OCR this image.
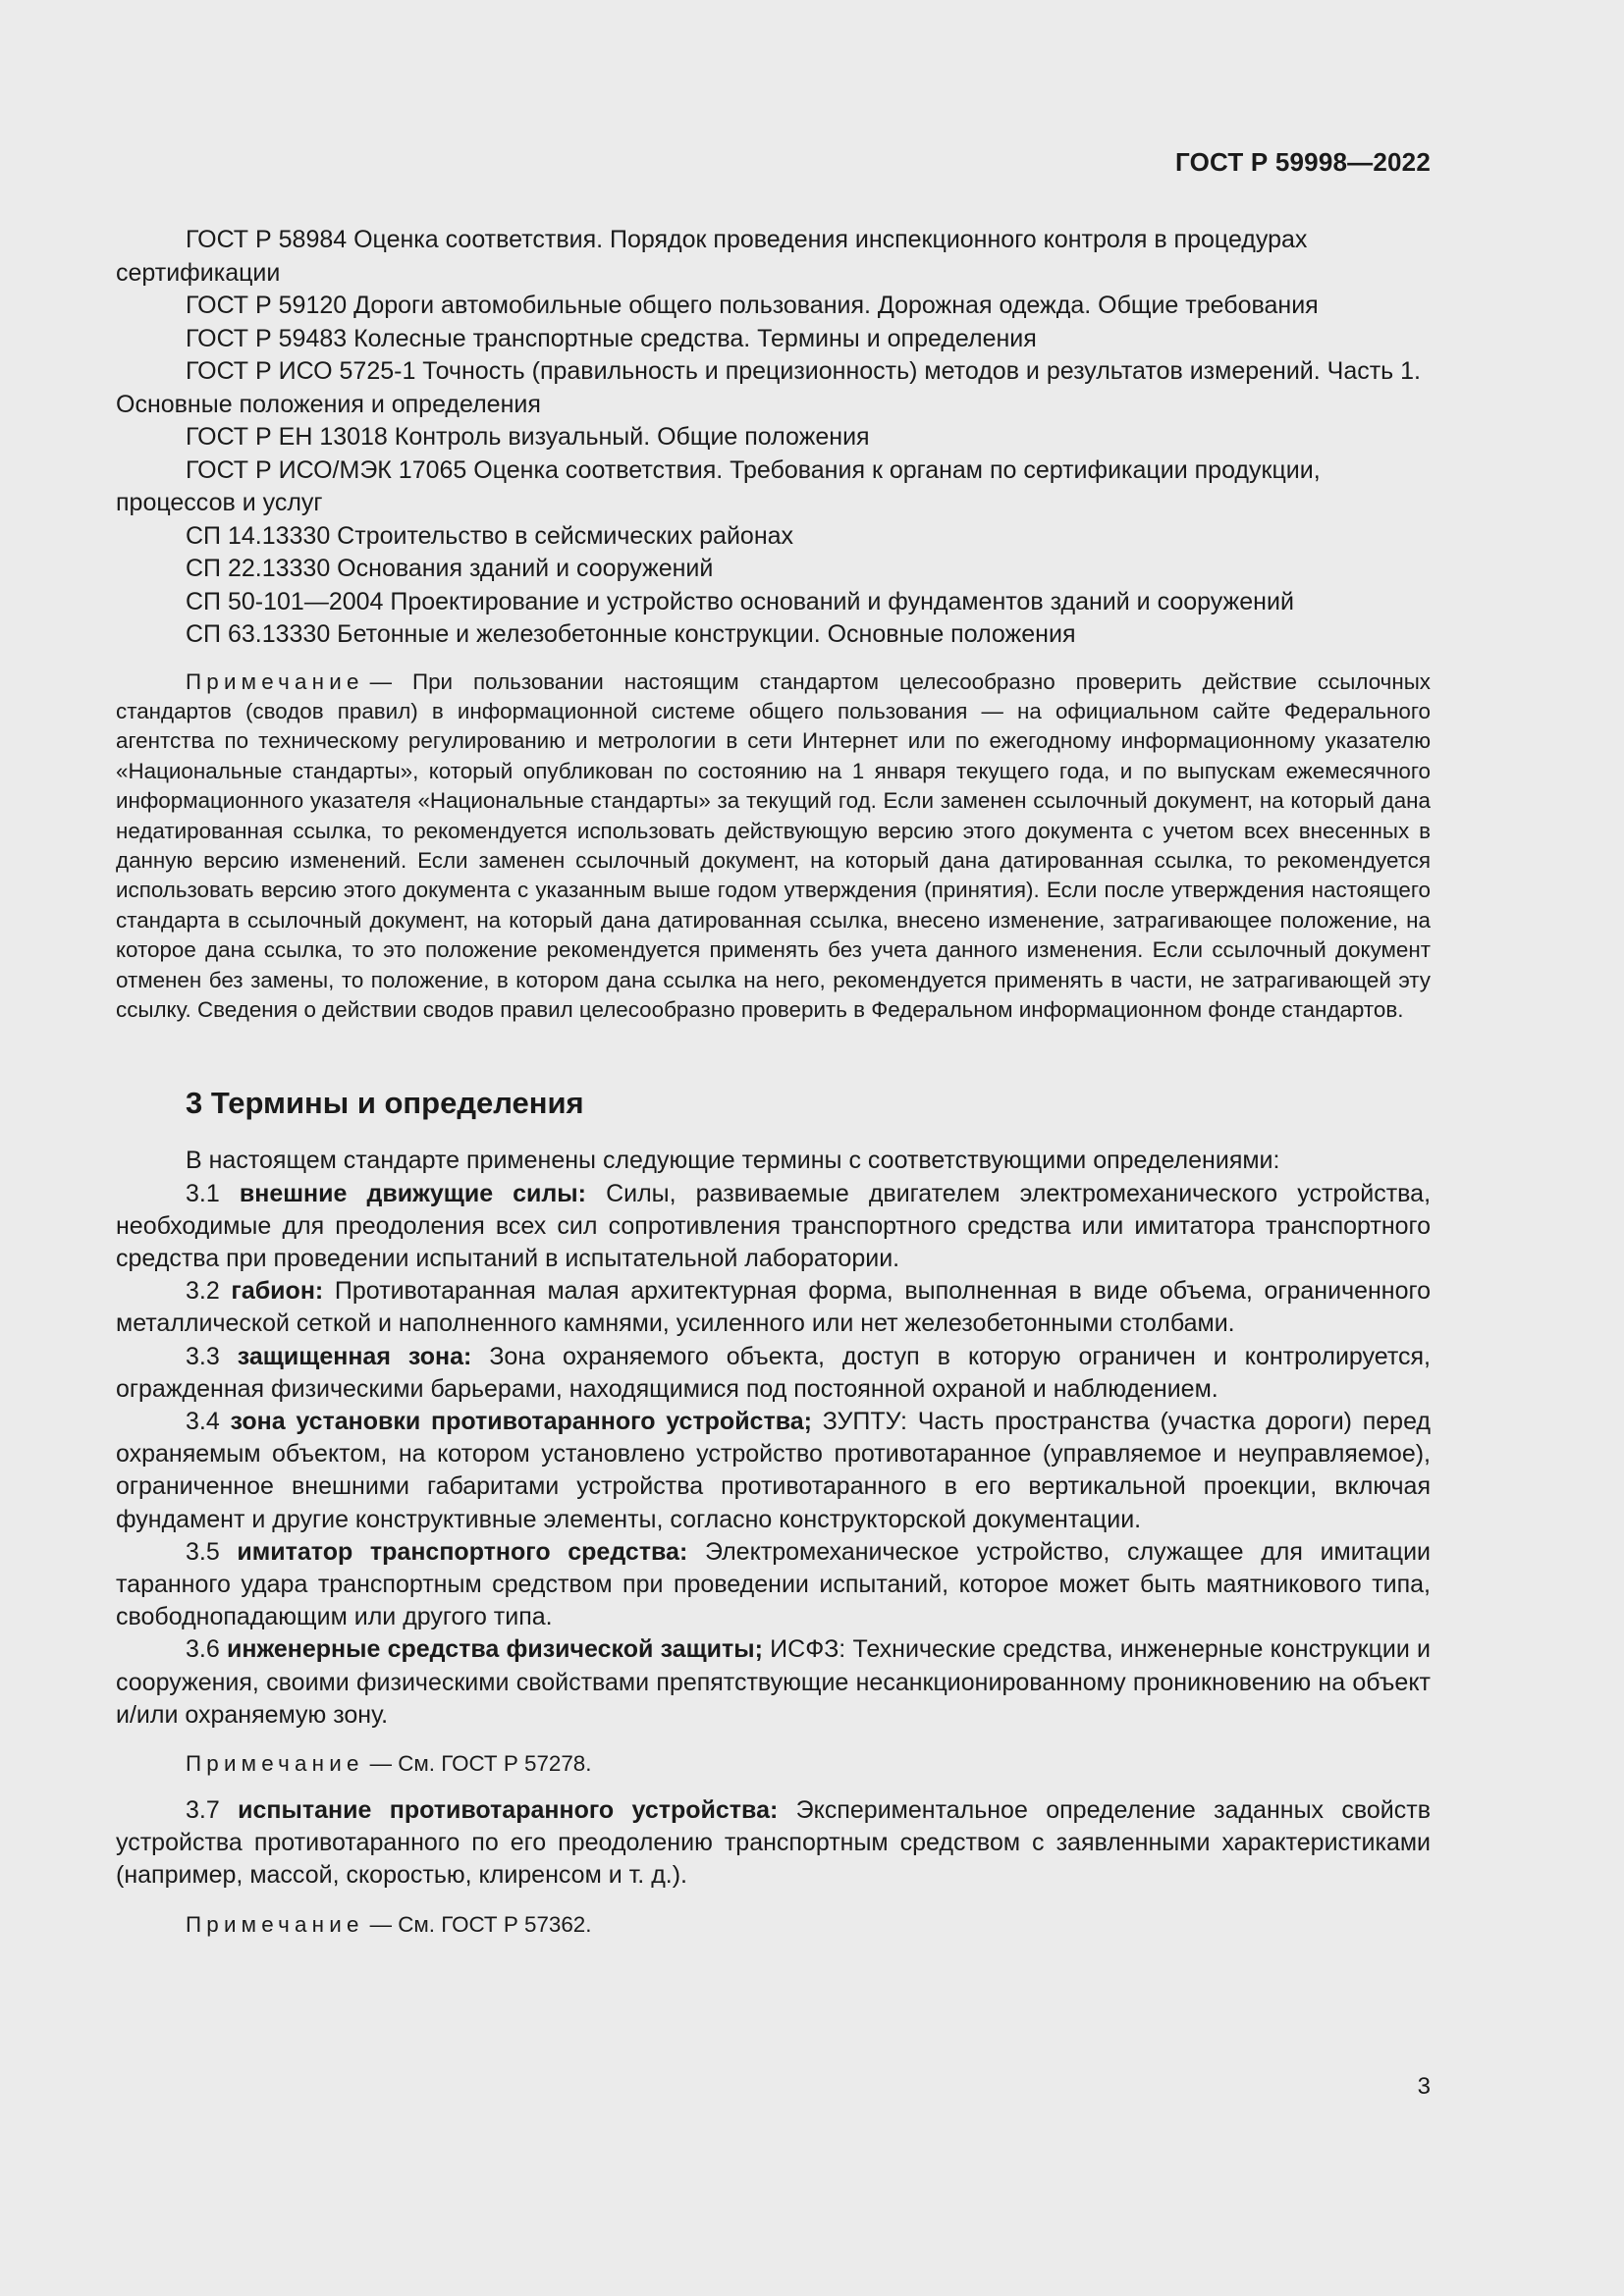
ГОСТ Р 59998—2022

ГОСТ Р 58984 Оценка соответствия. Порядок проведения инспекционного контроля в процедурах сертификации

ГОСТ Р 59120 Дороги автомобильные общего пользования. Дорожная одежда. Общие требования

ГОСТ Р 59483 Колесные транспортные средства. Термины и определения

ГОСТ Р ИСО 5725-1 Точность (правильность и прецизионность) методов и результатов измерений. Часть 1. Основные положения и определения

ГОСТ Р ЕН 13018 Контроль визуальный. Общие положения

ГОСТ Р ИСО/МЭК 17065 Оценка соответствия. Требования к органам по сертификации продукции, процессов и услуг

СП 14.13330 Строительство в сейсмических районах

СП 22.13330 Основания зданий и сооружений

СП 50-101—2004 Проектирование и устройство оснований и фундаментов зданий и сооружений

СП 63.13330 Бетонные и железобетонные конструкции. Основные положения

Примечание — При пользовании настоящим стандартом целесообразно проверить действие ссылочных стандартов (сводов правил) в информационной системе общего пользования — на официальном сайте Федерального агентства по техническому регулированию и метрологии в сети Интернет или по ежегодному информационному указателю «Национальные стандарты», который опубликован по состоянию на 1 января текущего года, и по выпускам ежемесячного информационного указателя «Национальные стандарты» за текущий год. Если заменен ссылочный документ, на который дана недатированная ссылка, то рекомендуется использовать действующую версию этого документа с учетом всех внесенных в данную версию изменений. Если заменен ссылочный документ, на который дана датированная ссылка, то рекомендуется использовать версию этого документа с указанным выше годом утверждения (принятия). Если после утверждения настоящего стандарта в ссылочный документ, на который дана датированная ссылка, внесено изменение, затрагивающее положение, на которое дана ссылка, то это положение рекомендуется применять без учета данного изменения. Если ссылочный документ отменен без замены, то положение, в котором дана ссылка на него, рекомендуется применять в части, не затрагивающей эту ссылку. Сведения о действии сводов правил целесообразно проверить в Федеральном информационном фонде стандартов.

3 Термины и определения

В настоящем стандарте применены следующие термины с соответствующими определениями:

3.1 внешние движущие силы: Силы, развиваемые двигателем электромеханического устройства, необходимые для преодоления всех сил сопротивления транспортного средства или имитатора транспортного средства при проведении испытаний в испытательной лаборатории.

3.2 габион: Противотаранная малая архитектурная форма, выполненная в виде объема, ограниченного металлической сеткой и наполненного камнями, усиленного или нет железобетонными столбами.

3.3 защищенная зона: Зона охраняемого объекта, доступ в которую ограничен и контролируется, огражденная физическими барьерами, находящимися под постоянной охраной и наблюдением.

3.4 зона установки противотаранного устройства; ЗУПТУ: Часть пространства (участка дороги) перед охраняемым объектом, на котором установлено устройство противотаранное (управляемое и неуправляемое), ограниченное внешними габаритами устройства противотаранного в его вертикальной проекции, включая фундамент и другие конструктивные элементы, согласно конструкторской документации.

3.5 имитатор транспортного средства: Электромеханическое устройство, служащее для имитации таранного удара транспортным средством при проведении испытаний, которое может быть маятникового типа, свободнопадающим или другого типа.

3.6 инженерные средства физической защиты; ИСФЗ: Технические средства, инженерные конструкции и сооружения, своими физическими свойствами препятствующие несанкционированному проникновению на объект и/или охраняемую зону.

Примечание — См. ГОСТ Р 57278.

3.7 испытание противотаранного устройства: Экспериментальное определение заданных свойств устройства противотаранного по его преодолению транспортным средством с заявленными характеристиками (например, массой, скоростью, клиренсом и т. д.).

Примечание — См. ГОСТ Р 57362.

3
